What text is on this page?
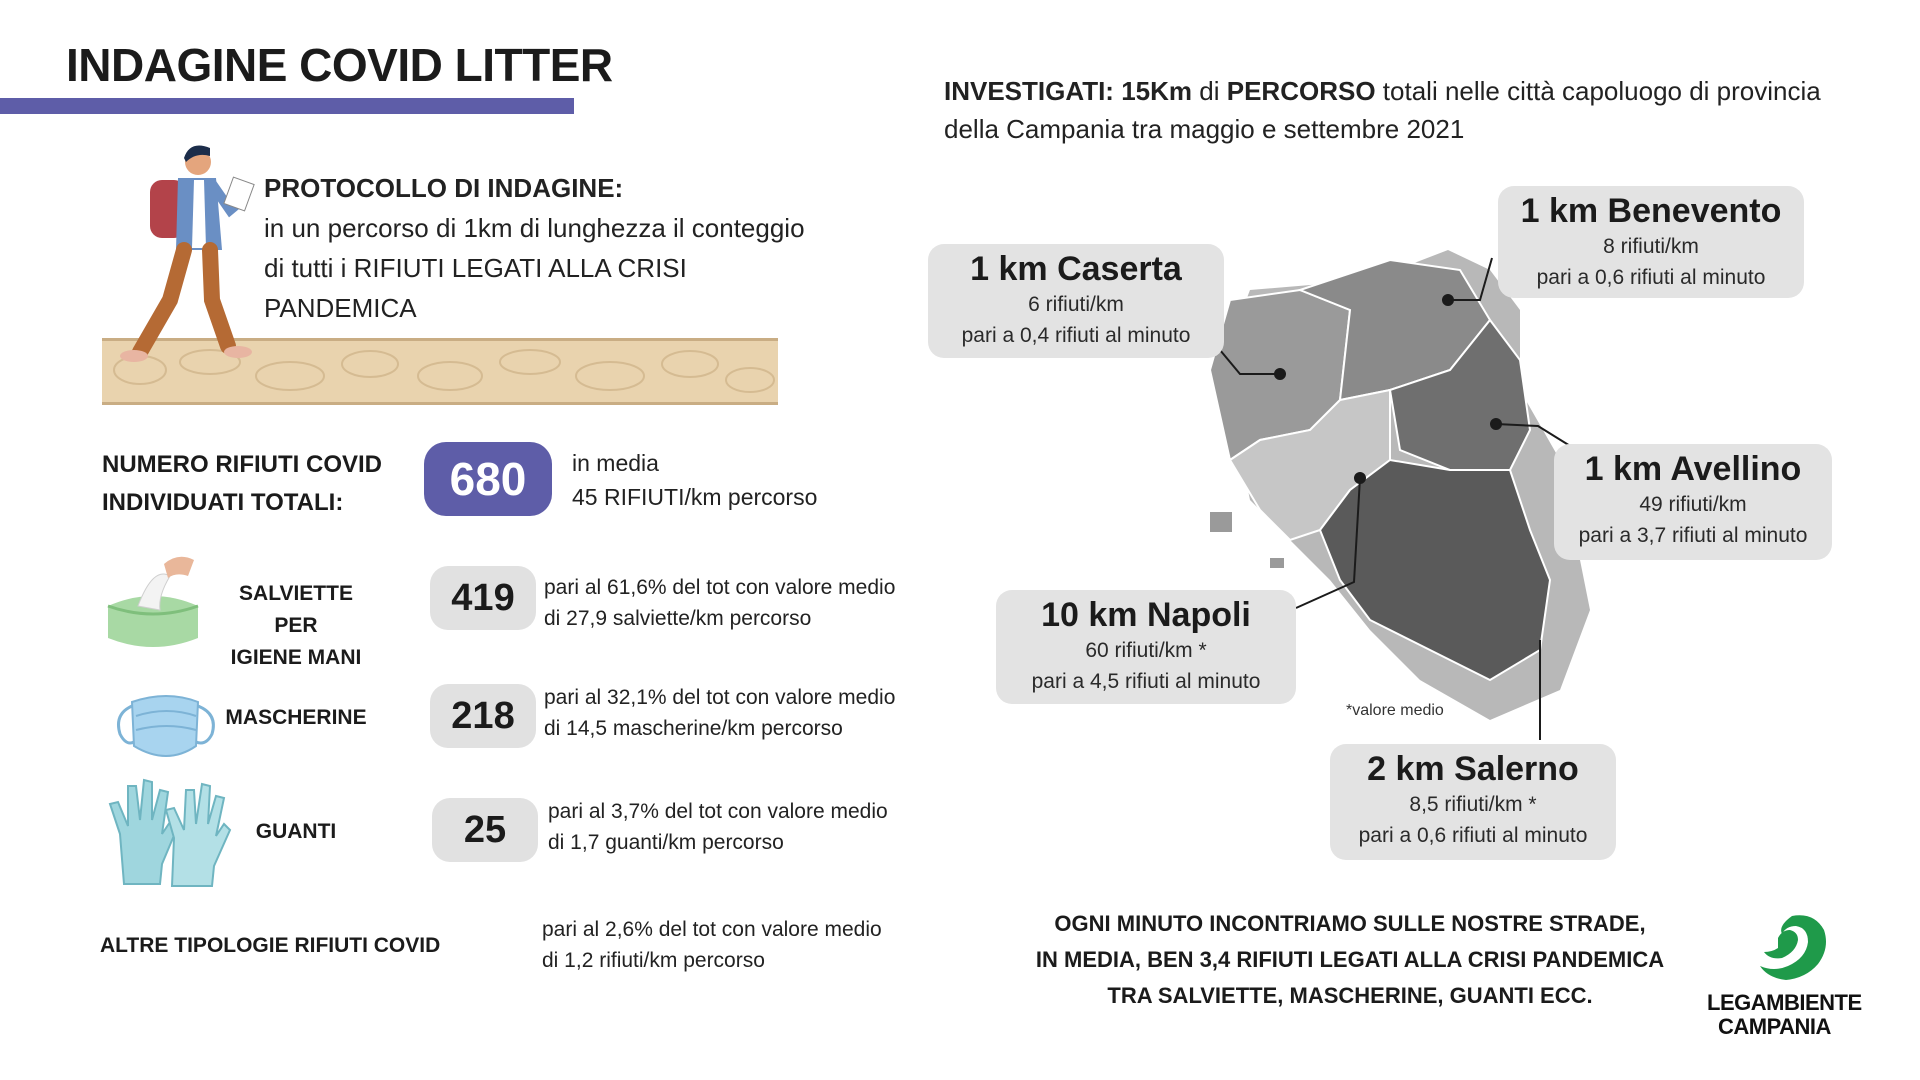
INDAGINE COVID LITTER
PROTOCOLLO DI INDAGINE:
in un percorso di 1km di lunghezza il conteggio di tutti i RIFIUTI LEGATI ALLA CRISI PANDEMICA
NUMERO RIFIUTI COVID
INDIVIDUATI TOTALI:	680	in media
45 RIFIUTI/km percorso
SALVIETTE PER
IGIENE MANI
419	pari al 61,6% del tot con valore medio
di 27,9 salviette/km percorso
MASCHERINE	218	pari al 32,1% del tot con valore medio
di 14,5 mascherine/km percorso
GUANTI	25	pari al 3,7% del tot con valore medio
di 1,7 guanti/km percorso
ALTRE TIPOLOGIE RIFIUTI COVID
pari al 2,6% del tot con valore medio
di 1,2 rifiuti/km percorso
INVESTIGATI: 15Km di PERCORSO totali nelle città capoluogo di provincia della Campania tra maggio e settembre 2021
1 km Caserta
6 rifiuti/km
pari a 0,4 rifiuti al minuto
1 km Benevento
8 rifiuti/km
pari a 0,6 rifiuti al minuto
1 km Avellino
49 rifiuti/km
pari a 3,7 rifiuti al minuto
10 km Napoli
60 rifiuti/km *
pari a 4,5 rifiuti al minuto
2 km Salerno
8,5 rifiuti/km *
pari a 0,6 rifiuti al minuto
*valore medio
OGNI MINUTO INCONTRIAMO SULLE NOSTRE STRADE,
IN MEDIA, BEN 3,4 RIFIUTI LEGATI ALLA CRISI PANDEMICA
TRA SALVIETTE, MASCHERINE, GUANTI ECC.	LEGAMBIENTE
CAMPANIA
